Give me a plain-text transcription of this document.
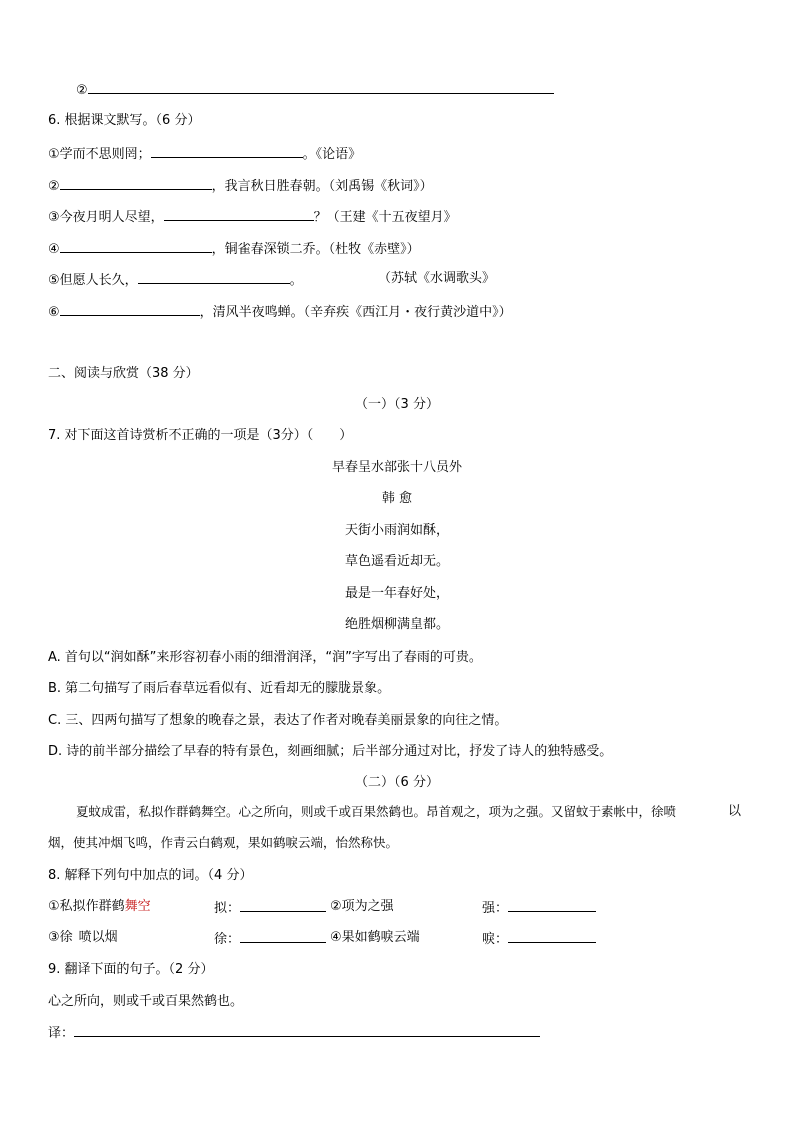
②
6. 根据课文默写。（6 分）
①学而不思则罔；	。《论语》
②	，我言秋日胜春朝。（刘禹锡《秋词》）
③今夜月明人尽望，	？（王建《十五夜望月》
④	，铜雀春深锁二乔。（杜牧《赤壁》）
⑤但愿人长久，	。	（苏轼《水调歌头》
⑥	，清风半夜鸣蝉。（辛弃疾《西江月・夜行黄沙道中》）
二、阅读与欣赏（38 分）
（一）（3 分）
7. 对下面这首诗赏析不正确的一项是（3分）（　　）
早春呈水部张十八员外
韩 愈
天街小雨润如酥，
草色遥看近却无。
最是一年春好处，
绝胜烟柳满皇都。
A. 首句以“润如酥”来形容初春小雨的细滑润泽，“润”字写出了春雨的可贵。
B. 第二句描写了雨后春草远看似有、近看却无的朦胧景象。
C. 三、四两句描写了想象的晚春之景，表达了作者对晚春美丽景象的向往之情。
D. 诗的前半部分描绘了早春的特有景色，刻画细腻；后半部分通过对比，抒发了诗人的独特感受。
（二）（6 分）
夏蚊成雷，私拟作群鹤舞空。心之所向，则或千或百果然鹤也。昂首观之，项为之强。又留蚊于素帐中，徐喷	以
烟，使其冲烟飞鸣，作青云白鹤观，果如鹤唳云端，怡然称快。
8. 解释下列句中加点的词。（4 分）
①私拟作群鹤舞空	拟：	②项为之强	强：
③徐 喷以烟	徐：	④果如鹤唳云端	唳：
9. 翻译下面的句子。（2 分）
心之所向，则或千或百果然鹤也。
译：
